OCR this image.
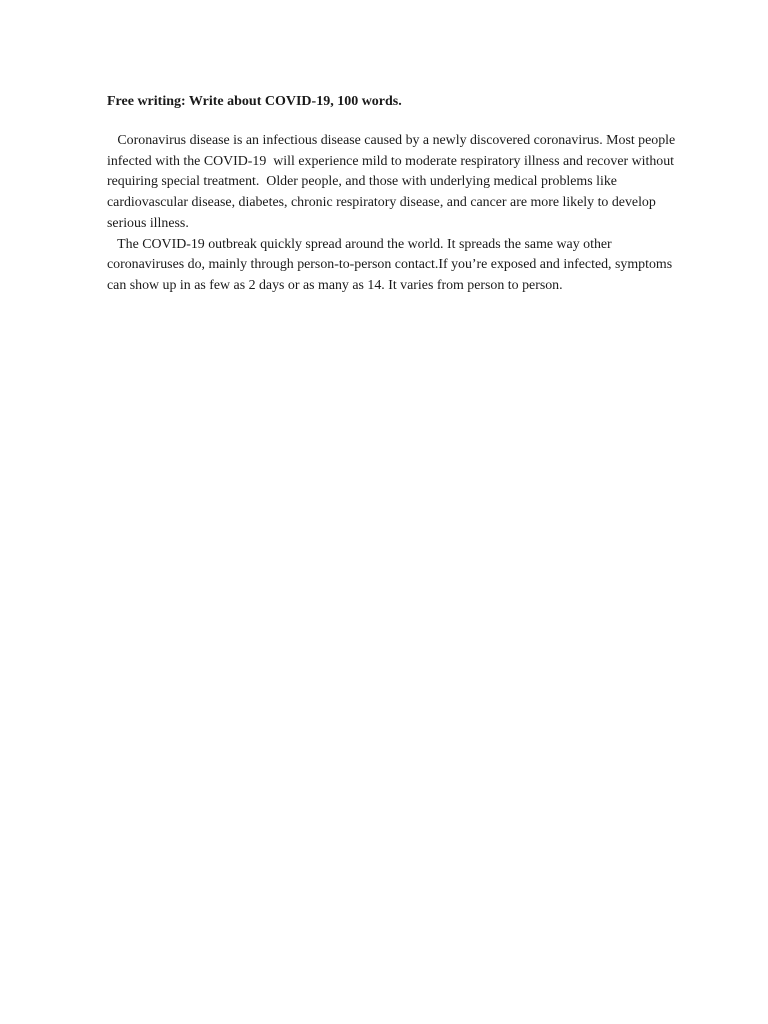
Free writing: Write about COVID-19, 100 words.

Coronavirus disease is an infectious disease caused by a newly discovered coronavirus. Most people

infected with the COVID-19  will experience mild to moderate respiratory illness and recover without

requiring special treatment.  Older people, and those with underlying medical problems like

cardiovascular disease, diabetes, chronic respiratory disease, and cancer are more likely to develop

serious illness.

The COVID-19 outbreak quickly spread around the world. It spreads the same way other

coronaviruses do, mainly through person-to-person contact.If you’re exposed and infected, symptoms

can show up in as few as 2 days or as many as 14. It varies from person to person.
